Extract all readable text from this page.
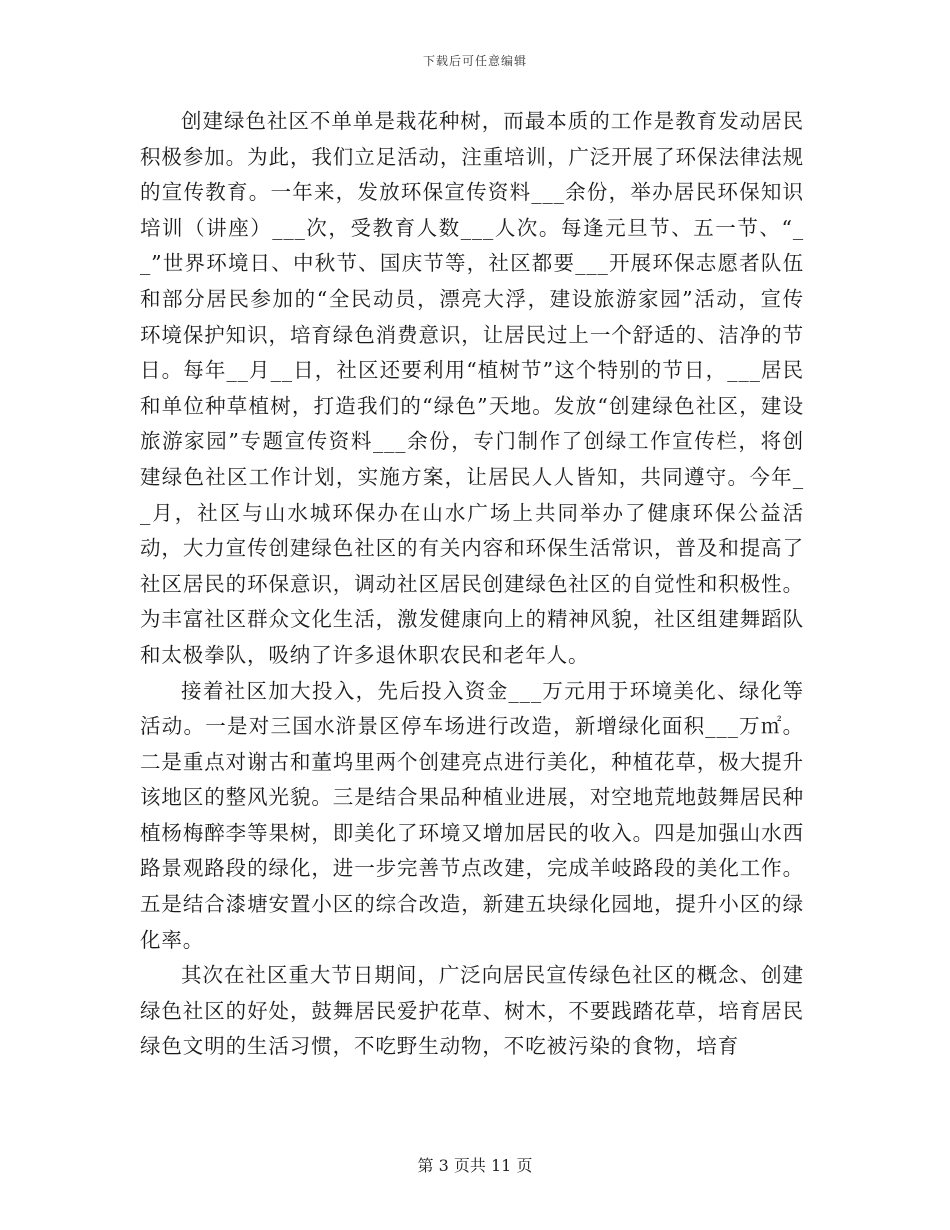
下载后可任意编辑

创建绿色社区不单单是栽花种树，而最本质的工作是教育发动居民积极参加。为此，我们立足活动，注重培训，广泛开展了环保法律法规的宣传教育。一年来，发放环保宣传资料___余份，举办居民环保知识培训（讲座）___次，受教育人数___人次。每逢元旦节、五一节、“__”世界环境日、中秋节、国庆节等，社区都要___开展环保志愿者队伍和部分居民参加的“全民动员，漂亮大浮，建设旅游家园”活动，宣传环境保护知识，培育绿色消费意识，让居民过上一个舒适的、洁净的节日。每年__月__日，社区还要利用“植树节”这个特别的节日，___居民和单位种草植树，打造我们的“绿色”天地。发放“创建绿色社区，建设旅游家园”专题宣传资料___余份，专门制作了创绿工作宣传栏，将创建绿色社区工作计划，实施方案，让居民人人皆知，共同遵守。今年__月，社区与山水城环保办在山水广场上共同举办了健康环保公益活动，大力宣传创建绿色社区的有关内容和环保生活常识，普及和提高了社区居民的环保意识，调动社区居民创建绿色社区的自觉性和积极性。为丰富社区群众文化生活，激发健康向上的精神风貌，社区组建舞蹈队和太极拳队，吸纳了许多退休职农民和老年人。

接着社区加大投入，先后投入资金___万元用于环境美化、绿化等活动。一是对三国水浒景区停车场进行改造，新增绿化面积___万㎡。二是重点对谢古和董坞里两个创建亮点进行美化，种植花草，极大提升该地区的整风光貌。三是结合果品种植业进展，对空地荒地鼓舞居民种植杨梅醉李等果树，即美化了环境又增加居民的收入。四是加强山水西路景观路段的绿化，进一步完善节点改建，完成羊岐路段的美化工作。五是结合漆塘安置小区的综合改造，新建五块绿化园地，提升小区的绿化率。

其次在社区重大节日期间，广泛向居民宣传绿色社区的概念、创建绿色社区的好处，鼓舞居民爱护花草、树木，不要践踏花草，培育居民绿色文明的生活习惯，不吃野生动物，不吃被污染的食物，培育

第 3 页共 11 页
